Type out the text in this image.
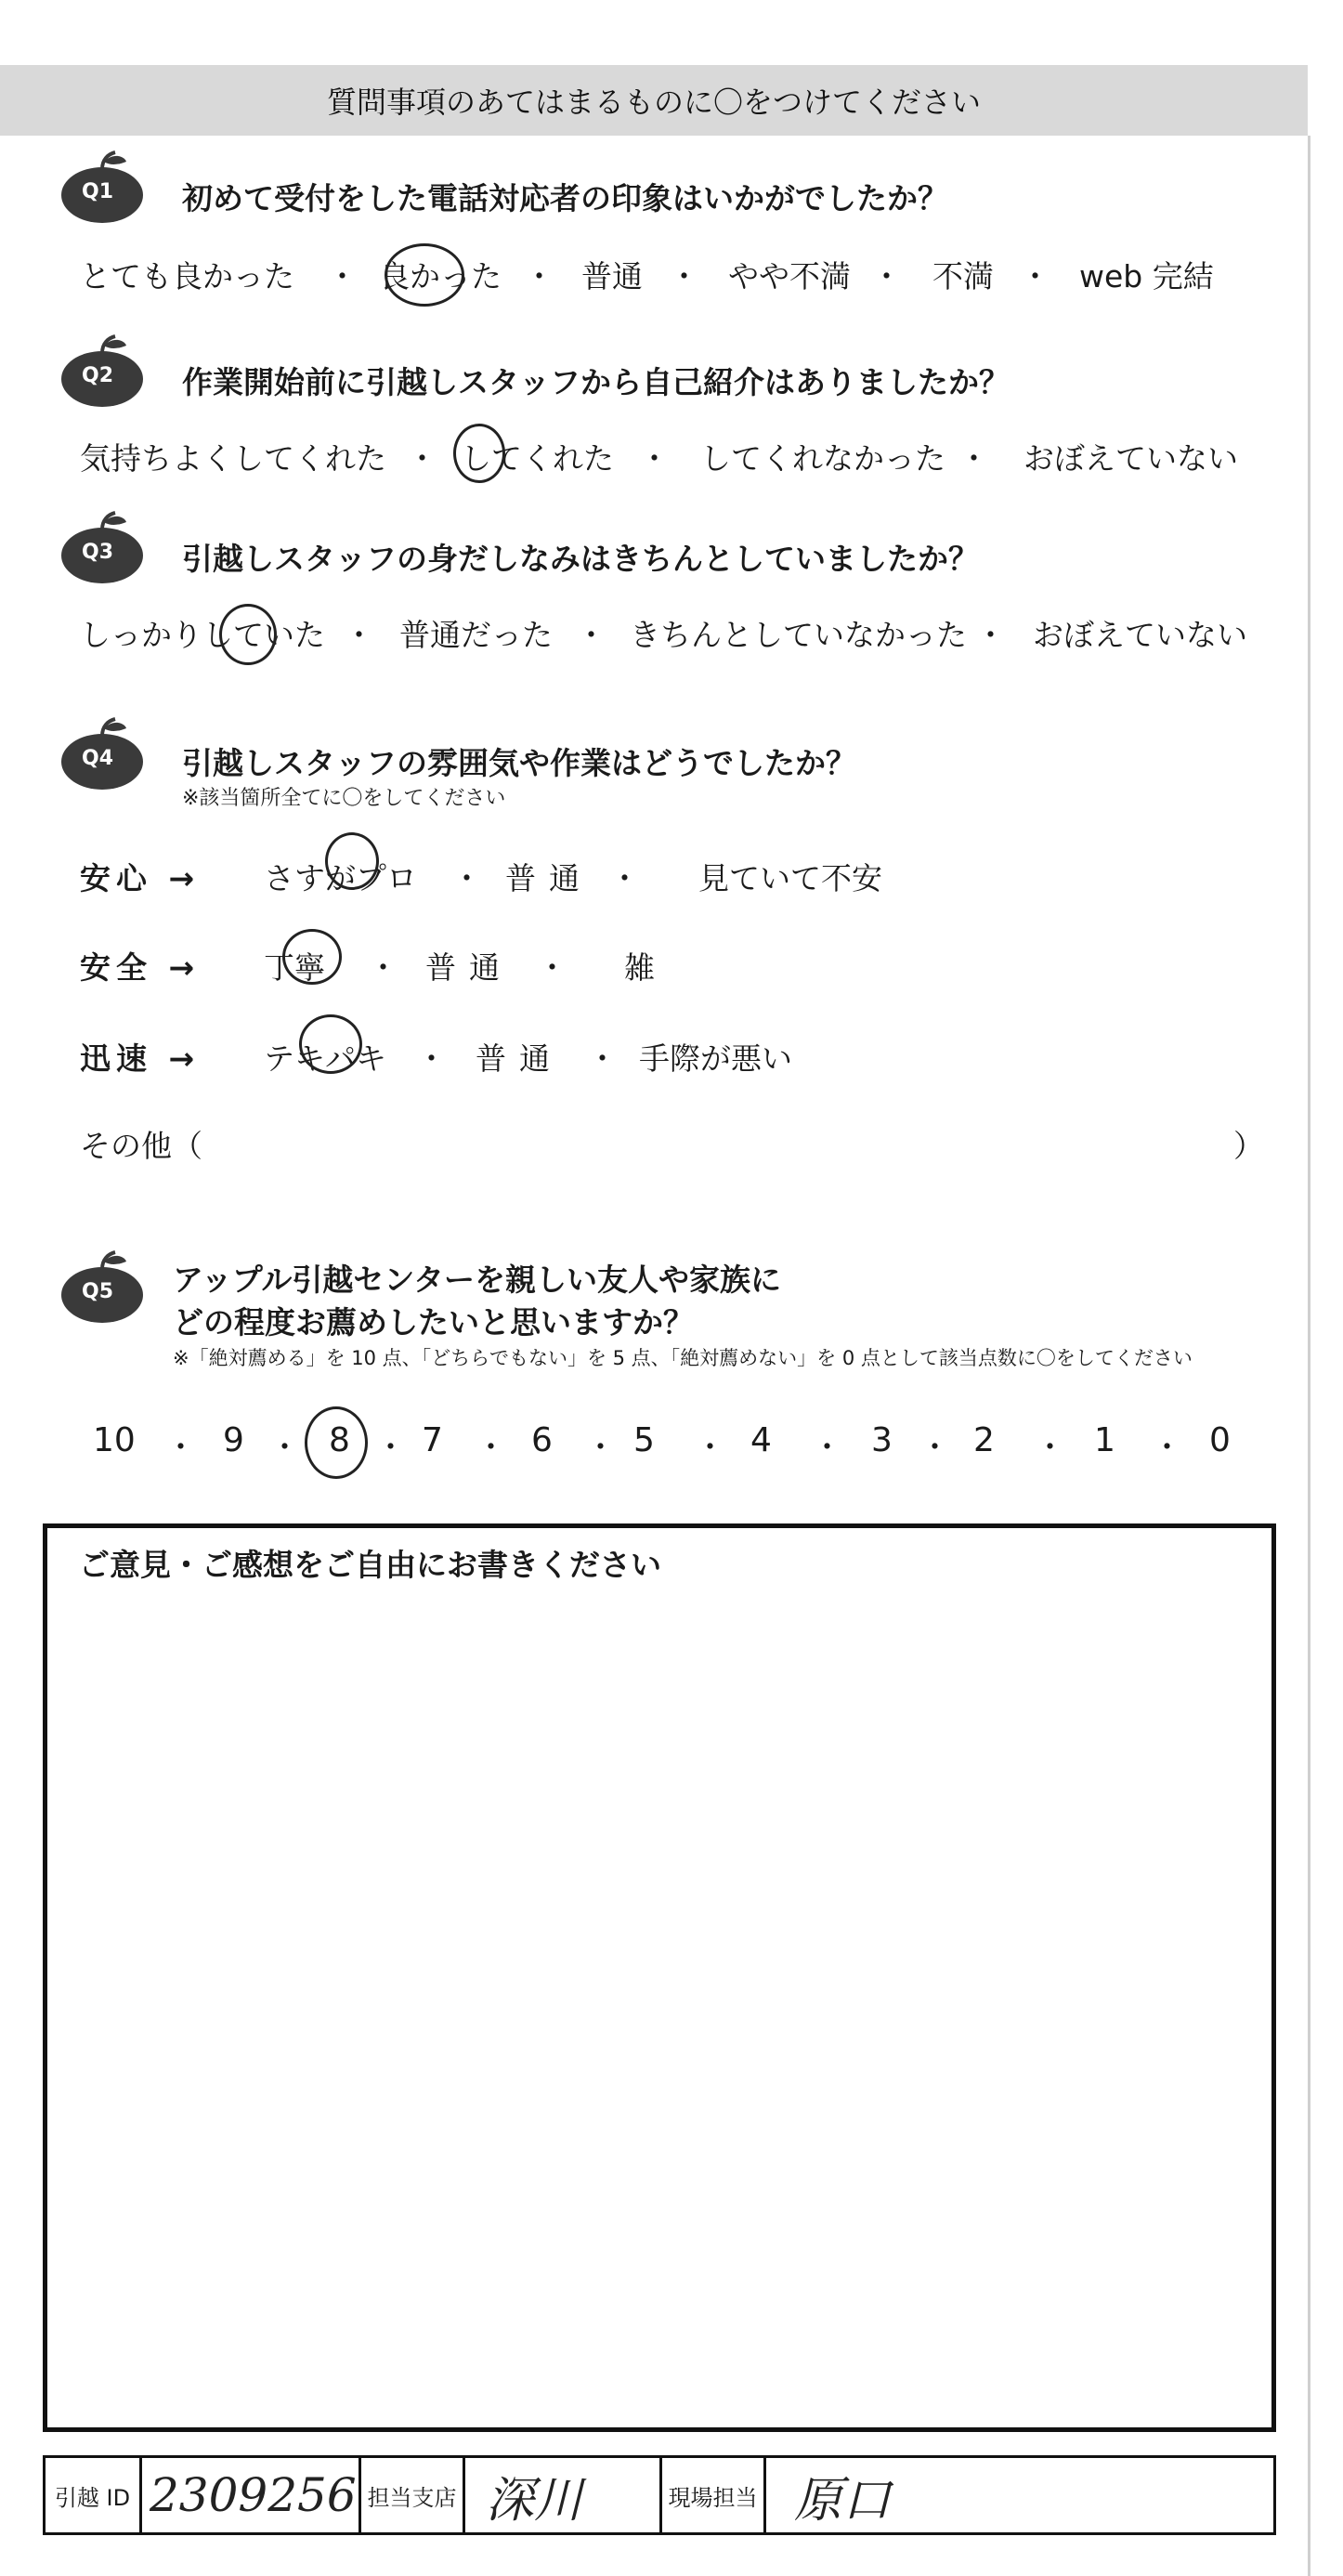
質問事項のあてはまるものに〇をつけてください
Q1 初めて受付をした電話対応者の印象はいかがでしたか？
とても良かった ・ 良かった ・ 普通 ・ やや不満 ・ 不満 ・ web 完結
Q2 作業開始前に引越しスタッフから自己紹介はありましたか？
気持ちよくしてくれた ・ してくれた ・ してくれなかった ・ おぼえていない
Q3 引越しスタッフの身だしなみはきちんとしていましたか？
しっかりしていた ・ 普通だった ・ きちんとしていなかった ・ おぼえていない
Q4 引越しスタッフの雰囲気や作業はどうでしたか？
※該当箇所全てに〇をしてください
安心 → さすがプロ ・ 普通 ・ 見ていて不安
安全 → 丁寧 ・ 普通 ・ 雑
迅速 → テキパキ ・ 普通 ・ 手際が悪い
その他（	）
Q5 アップル引越センターを親しい友人や家族に
どの程度お薦めしたいと思いますか？
※「絶対薦める」を 10 点、「どちらでもない」を 5 点、「絶対薦めない」を 0 点として該当点数に〇をしてください
10 ・ 9 ・ 8 ・ 7 ・ 6 ・ 5 ・ 4 ・ 3 ・ 2 ・ 1 ・ 0
ご意見・ご感想をご自由にお書きください
引越 ID 2309256 担当支店 深川	現場担当 原口
